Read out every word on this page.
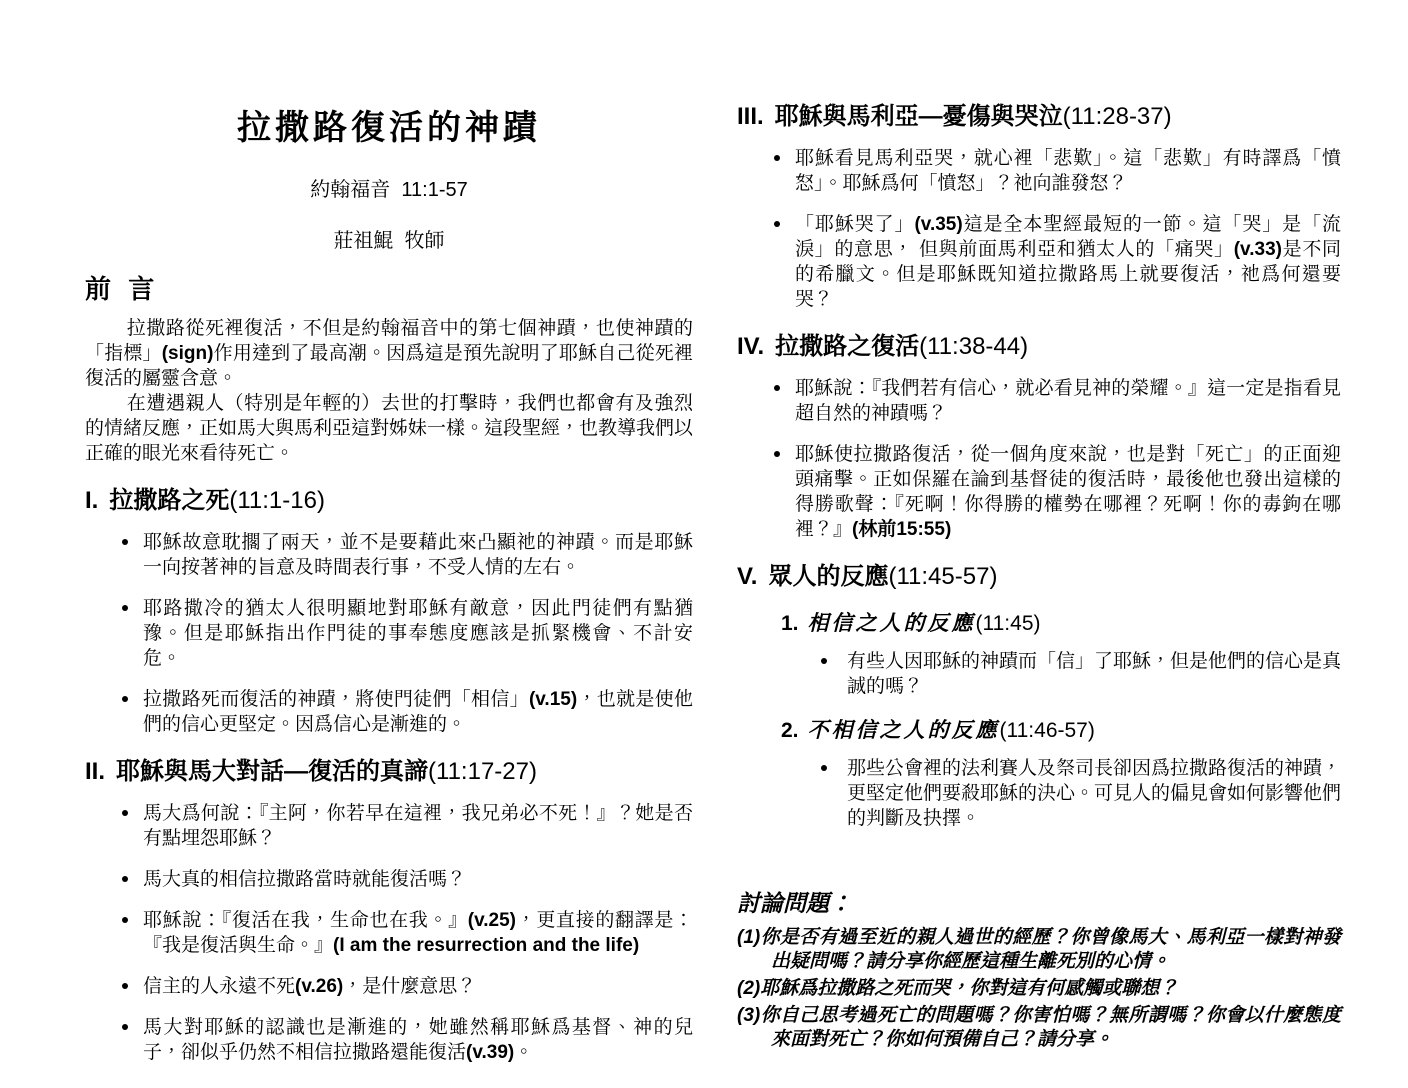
拉撒路復活的神蹟
約翰福音  11:1-57
莊祖鯤  牧師
前 言

拉撒路從死裡復活，不但是約翰福音中的第七個神蹟，也使神蹟的「指標」(sign)作用達到了最高潮。因爲這是預先說明了耶穌自己從死裡復活的屬靈含意。

在遭遇親人（特別是年輕的）去世的打擊時，我們也都會有及強烈的情緒反應，正如馬大與馬利亞這對姊妹一樣。這段聖經，也教導我們以正確的眼光來看待死亡。

I. 拉撒路之死(11:1-16)
耶穌故意耽擱了兩天，並不是要藉此來凸顯祂的神蹟。而是耶穌一向按著神的旨意及時間表行事，不受人情的左右。
耶路撒冷的猶太人很明顯地對耶穌有敵意，因此門徒們有點猶豫。但是耶穌指出作門徒的事奉態度應該是抓緊機會、不計安危。
拉撒路死而復活的神蹟，將使門徒們「相信」(v.15)，也就是使他們的信心更堅定。因爲信心是漸進的。
II. 耶穌與馬大對話—復活的真諦(11:17-27)
馬大爲何說：『主阿，你若早在這裡，我兄弟必不死！』？她是否有點埋怨耶穌？
馬大真的相信拉撒路當時就能復活嗎？
耶穌說：『復活在我，生命也在我。』(v.25)，更直接的翻譯是：『我是復活與生命。』(I am the resurrection and the life)
信主的人永遠不死(v.26)，是什麼意思？
馬大對耶穌的認識也是漸進的，她雖然稱耶穌爲基督、神的兒子，卻似乎仍然不相信拉撒路還能復活(v.39)。
III. 耶穌與馬利亞—憂傷與哭泣(11:28-37)
耶穌看見馬利亞哭，就心裡「悲歎」。這「悲歎」有時譯爲「憤怒」。耶穌爲何「憤怒」？祂向誰發怒？
「耶穌哭了」(v.35)這是全本聖經最短的一節。這「哭」是「流淚」的意思， 但與前面馬利亞和猶太人的「痛哭」(v.33)是不同的希臘文。但是耶穌既知道拉撒路馬上就要復活，祂爲何還要哭？
IV. 拉撒路之復活(11:38-44)
耶穌說：『我們若有信心，就必看見神的榮耀。』這一定是指看見超自然的神蹟嗎？
耶穌使拉撒路復活，從一個角度來說，也是對「死亡」的正面迎頭痛擊。正如保羅在論到基督徒的復活時，最後他也發出這樣的得勝歌聲：『死啊！你得勝的權勢在哪裡？死啊！你的毒鉤在哪裡？』(林前15:55)
V. 眾人的反應(11:45-57)
1. 相信之人的反應(11:45)
有些人因耶穌的神蹟而「信」了耶穌，但是他們的信心是真誠的嗎？
2. 不相信之人的反應(11:46-57)
那些公會裡的法利賽人及祭司長卻因爲拉撒路復活的神蹟，更堅定他們要殺耶穌的決心。可見人的偏見會如何影響他們的判斷及抉擇。
討論問題：

(1)你是否有過至近的親人過世的經歷？你曾像馬大、馬利亞一樣對神發出疑問嗎？請分享你經歷這種生離死別的心情。

(2)耶穌爲拉撒路之死而哭，你對這有何感觸或聯想？

(3)你自己思考過死亡的問題嗎？你害怕嗎？無所謂嗎？你會以什麼態度來面對死亡？你如何預備自己？請分享。
